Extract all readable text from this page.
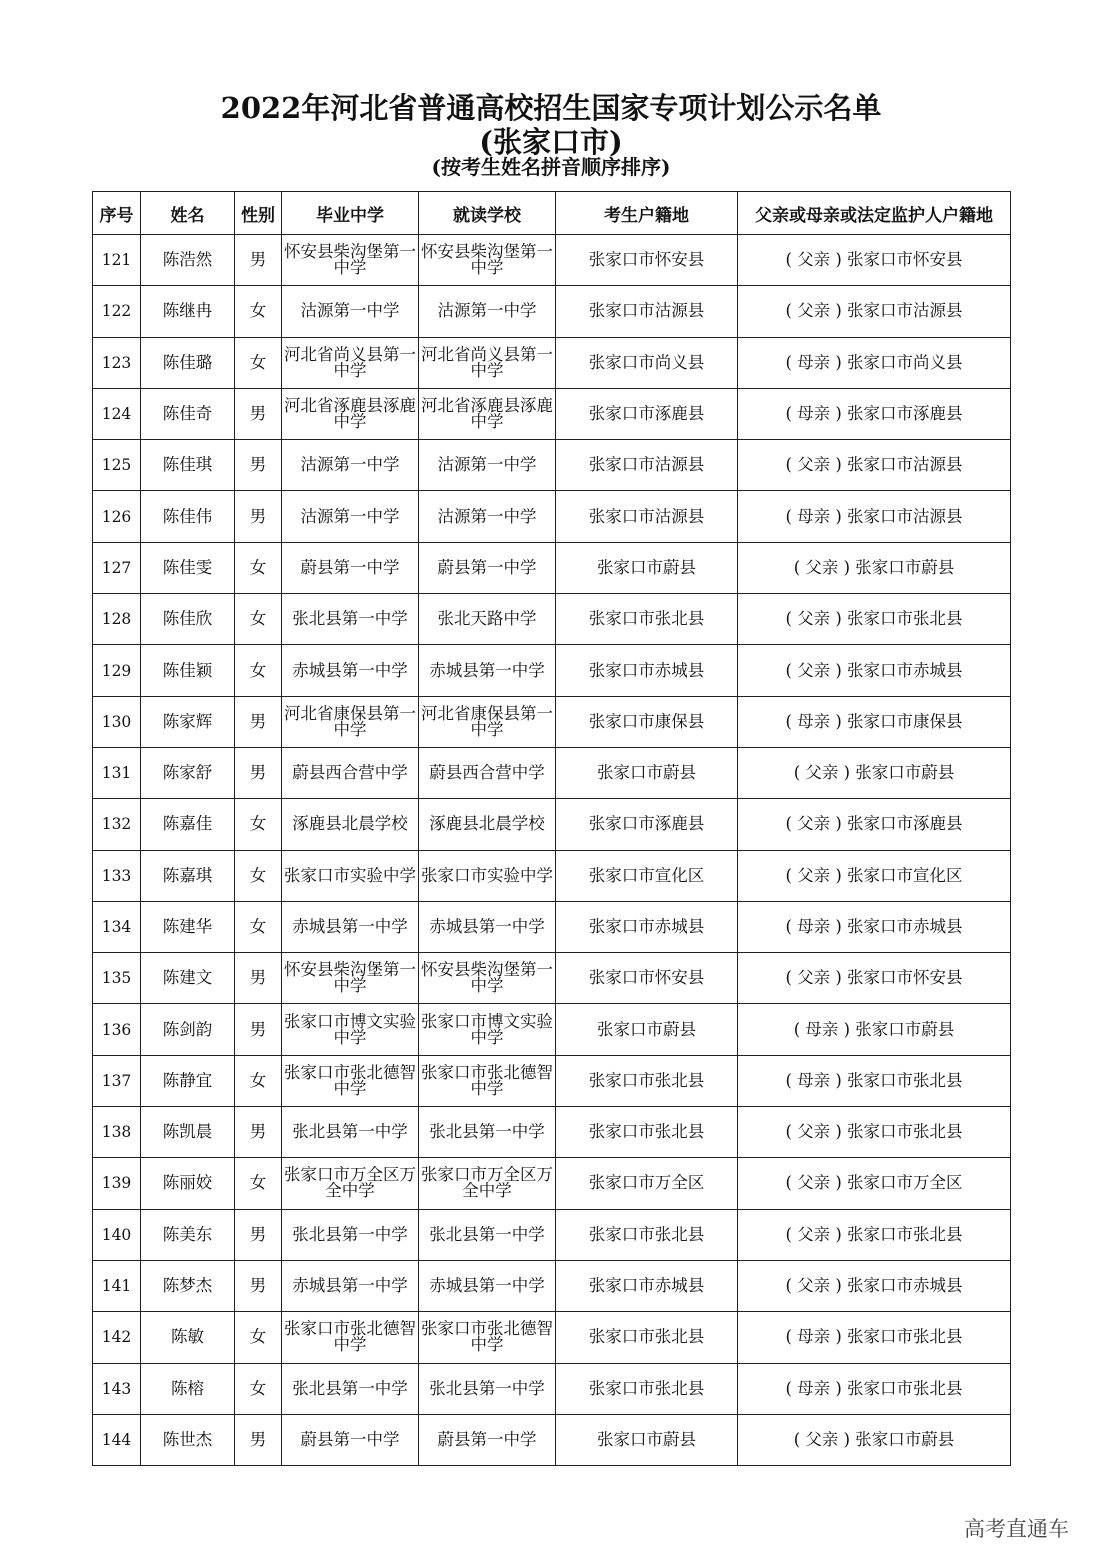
2022年河北省普通高校招生国家专项计划公示名单
(张家口市)
(按考生姓名拼音顺序排序)
序号	姓名	性别	毕业中学	就读学校	考生户籍地	父亲或母亲或法定监护人户籍地
121	陈浩然	男	怀安县柴沟堡第一中学	怀安县柴沟堡第一中学	张家口市怀安县	( 父亲 ) 张家口市怀安县
122	陈继冉	女	沽源第一中学	沽源第一中学	张家口市沽源县	( 父亲 ) 张家口市沽源县
123	陈佳璐	女	河北省尚义县第一中学	河北省尚义县第一中学	张家口市尚义县	( 母亲 ) 张家口市尚义县
124	陈佳奇	男	河北省涿鹿县涿鹿中学	河北省涿鹿县涿鹿中学	张家口市涿鹿县	( 母亲 ) 张家口市涿鹿县
125	陈佳琪	男	沽源第一中学	沽源第一中学	张家口市沽源县	( 父亲 ) 张家口市沽源县
126	陈佳伟	男	沽源第一中学	沽源第一中学	张家口市沽源县	( 母亲 ) 张家口市沽源县
127	陈佳雯	女	蔚县第一中学	蔚县第一中学	张家口市蔚县	( 父亲 ) 张家口市蔚县
128	陈佳欣	女	张北县第一中学	张北天路中学	张家口市张北县	( 父亲 ) 张家口市张北县
129	陈佳颖	女	赤城县第一中学	赤城县第一中学	张家口市赤城县	( 父亲 ) 张家口市赤城县
130	陈家辉	男	河北省康保县第一中学	河北省康保县第一中学	张家口市康保县	( 母亲 ) 张家口市康保县
131	陈家舒	男	蔚县西合营中学	蔚县西合营中学	张家口市蔚县	( 父亲 ) 张家口市蔚县
132	陈嘉佳	女	涿鹿县北晨学校	涿鹿县北晨学校	张家口市涿鹿县	( 父亲 ) 张家口市涿鹿县
133	陈嘉琪	女	张家口市实验中学	张家口市实验中学	张家口市宣化区	( 父亲 ) 张家口市宣化区
134	陈建华	女	赤城县第一中学	赤城县第一中学	张家口市赤城县	( 母亲 ) 张家口市赤城县
135	陈建文	男	怀安县柴沟堡第一中学	怀安县柴沟堡第一中学	张家口市怀安县	( 父亲 ) 张家口市怀安县
136	陈剑韵	男	张家口市博文实验中学	张家口市博文实验中学	张家口市蔚县	( 母亲 ) 张家口市蔚县
137	陈静宜	女	张家口市张北德智中学	张家口市张北德智中学	张家口市张北县	( 母亲 ) 张家口市张北县
138	陈凯晨	男	张北县第一中学	张北县第一中学	张家口市张北县	( 父亲 ) 张家口市张北县
139	陈丽姣	女	张家口市万全区万全中学	张家口市万全区万全中学	张家口市万全区	( 父亲 ) 张家口市万全区
140	陈美东	男	张北县第一中学	张北县第一中学	张家口市张北县	( 父亲 ) 张家口市张北县
141	陈梦杰	男	赤城县第一中学	赤城县第一中学	张家口市赤城县	( 父亲 ) 张家口市赤城县
142	陈敏	女	张家口市张北德智中学	张家口市张北德智中学	张家口市张北县	( 母亲 ) 张家口市张北县
143	陈榕	女	张北县第一中学	张北县第一中学	张家口市张北县	( 母亲 ) 张家口市张北县
144	陈世杰	男	蔚县第一中学	蔚县第一中学	张家口市蔚县	( 父亲 ) 张家口市蔚县
高考直通车
